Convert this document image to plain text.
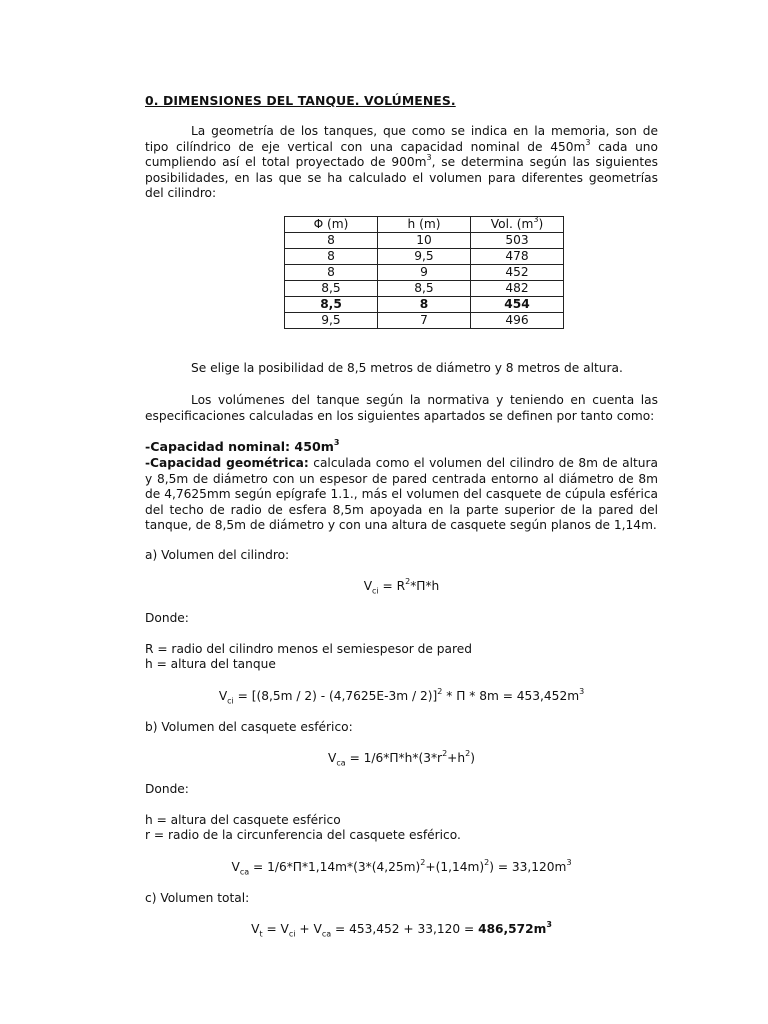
0. DIMENSIONES DEL TANQUE. VOLÚMENES.
La geometría de los tanques, que como se indica en la memoria, son de tipo cilíndrico de eje vertical con una capacidad nominal de $450m^3$ cada uno cumpliendo así el total proyectado de $900m^3$, se determina según las siguientes posibilidades, en las que se ha calculado el volumen para diferentes geometrías del cilindro:
Φ (m)	h (m)	Vol. $(m^3)$
8	10	503
8	9,5	478
8	9	452
8,5	8,5	482
8,5	8	454
9,5	7	496
Se elige la posibilidad de 8,5 metros de diámetro y 8 metros de altura.
Los volúmenes del tanque según la normativa y teniendo en cuenta las especificaciones calculadas en los siguientes apartados se definen por tanto como:
-Capacidad nominal: $450m^3$
-Capacidad geométrica: calculada como el volumen del cilindro de 8m de altura y 8,5m de diámetro con un espesor de pared centrada entorno al diámetro de 8m de 4,7625mm según epígrafe 1.1., más el volumen del casquete de cúpula esférica del techo de radio de esfera 8,5m apoyada en la parte superior de la pared del tanque, de 8,5m de diámetro y con una altura de casquete según planos de 1,14m.
a) Volumen del cilindro:
$V_{ci} = R^2*\Pi*h$
Donde:
R = radio del cilindro menos el semiespesor de pared
h = altura del tanque
$V_{ci} = [(8,5m / 2) - (4,7625E-3m / 2)]^2 * \Pi * 8m = 453,452m^3$
b) Volumen del casquete esférico:
$V_{ca} = 1/6*\Pi*h*(3*r^2+h^2)$
Donde:
h = altura del casquete esférico
r = radio de la circunferencia del casquete esférico.
$V_{ca} = 1/6*\Pi*1,14m*(3*(4,25m)^2+(1,14m)^2) = 33,120m^3$
c) Volumen total:
$V_t = V_{ci} + V_{ca} = 453,452 + 33,120 = 486,572m^3$
